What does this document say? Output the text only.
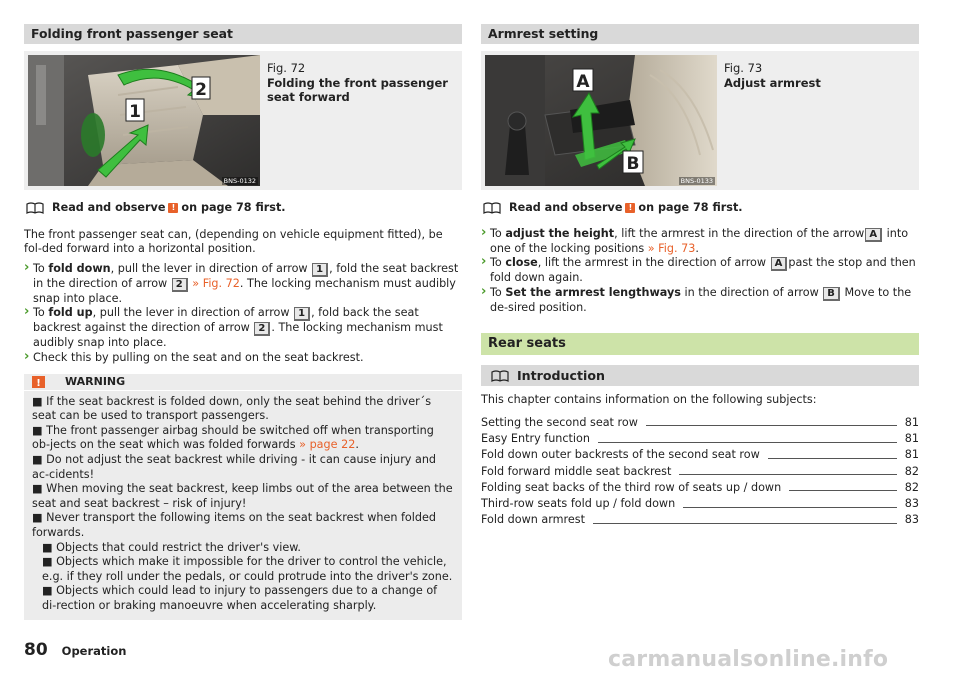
Folding front passenger seat
1
2
BNS-0132
Fig. 72
Folding the front passenger seat forward
Read and observe ! on page 78 first.

The front passenger seat can, (depending on vehicle equipment fitted), be fol-ded forward into a horizontal position.

› To fold down, pull the lever in direction of arrow 1 , fold the seat backrest in the direction of arrow 2 » Fig. 72. The locking mechanism must audibly snap into place.
› To fold up, pull the lever in direction of arrow 1 , fold back the seat backrest against the direction of arrow 2 . The locking mechanism must audibly snap into place.
› Check this by pulling on the seat and on the seat backrest.
! WARNING

■ If the seat backrest is folded down, only the seat behind the driver´s seat can be used to transport passengers.

■ The front passenger airbag should be switched off when transporting ob-jects on the seat which was folded forwards » page 22.

■ Do not adjust the seat backrest while driving - it can cause injury and ac-cidents!

■ When moving the seat backrest, keep limbs out of the area between the seat and seat backrest – risk of injury!

■ Never transport the following items on the seat backrest when folded forwards.

■ Objects that could restrict the driver's view.

■ Objects which make it impossible for the driver to control the vehicle, e.g. if they roll under the pedals, or could protrude into the driver's zone.

■ Objects which could lead to injury to passengers due to a change of di-rection or braking manoeuvre when accelerating sharply.

Armrest setting
A
B
BNS-0133
Fig. 73
Adjust armrest
Read and observe ! on page 78 first.
› To adjust the height, lift the armrest in the direction of the arrow A into one of the locking positions » Fig. 73.
› To close, lift the armrest in the direction of arrow A past the stop and then fold down again.
› To Set the armrest lengthways in the direction of arrow B Move to the de-sired position.
Rear seats
Introduction

This chapter contains information on the following subjects:

Setting the second seat row	81
Easy Entry function	81
Fold down outer backrests of the second seat row	81
Fold forward middle seat backrest	82
Folding seat backs of the third row of seats up / down	82
Third-row seats fold up / fold down	83
Fold down armrest	83
80 Operation	carmanualsonline.info
